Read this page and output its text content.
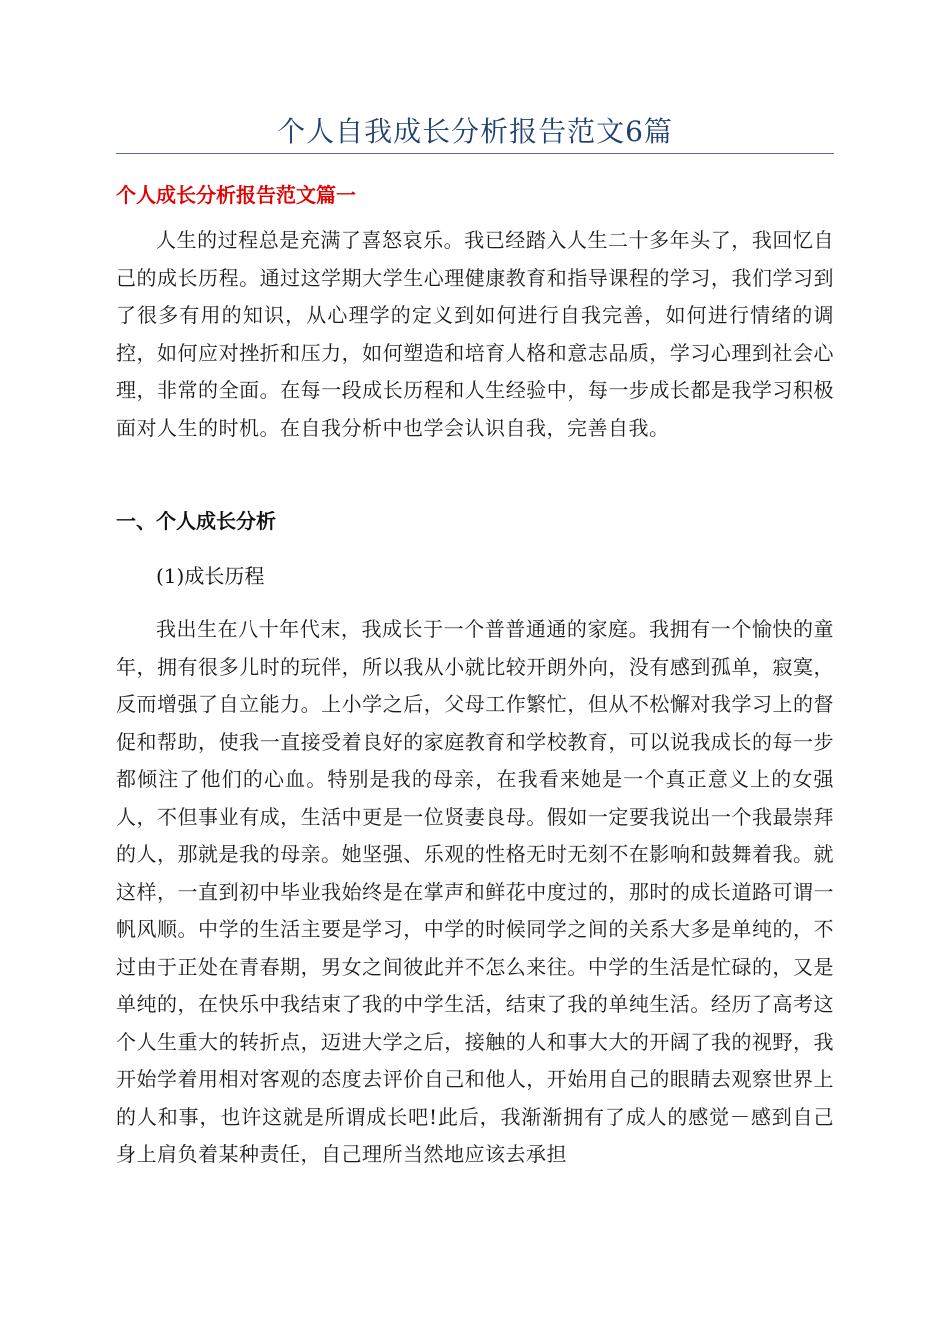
个人自我成长分析报告范文6篇
个人成长分析报告范文篇一

人生的过程总是充满了喜怒哀乐。我已经踏入人生二十多年头了，我回忆自己的成长历程。通过这学期大学生心理健康教育和指导课程的学习，我们学习到了很多有用的知识，从心理学的定义到如何进行自我完善，如何进行情绪的调控，如何应对挫折和压力，如何塑造和培育人格和意志品质，学习心理到社会心理，非常的全面。在每一段成长历程和人生经验中，每一步成长都是我学习积极面对人生的时机。在自我分析中也学会认识自我，完善自我。

一、个人成长分析
(1)成长历程

我出生在八十年代末，我成长于一个普普通通的家庭。我拥有一个愉快的童年，拥有很多儿时的玩伴，所以我从小就比较开朗外向，没有感到孤单，寂寞，反而增强了自立能力。上小学之后，父母工作繁忙，但从不松懈对我学习上的督促和帮助，使我一直接受着良好的家庭教育和学校教育，可以说我成长的每一步都倾注了他们的心血。特别是我的母亲，在我看来她是一个真正意义上的女强人，不但事业有成，生活中更是一位贤妻良母。假如一定要我说出一个我最崇拜的人，那就是我的母亲。她坚强、乐观的性格无时无刻不在影响和鼓舞着我。就这样，一直到初中毕业我始终是在掌声和鲜花中度过的，那时的成长道路可谓一帆风顺。中学的生活主要是学习，中学的时候同学之间的关系大多是单纯的，不过由于正处在青春期，男女之间彼此并不怎么来往。中学的生活是忙碌的，又是单纯的，在快乐中我结束了我的中学生活，结束了我的单纯生活。经历了高考这个人生重大的转折点，迈进大学之后，接触的人和事大大的开阔了我的视野，我开始学着用相对客观的态度去评价自己和他人，开始用自己的眼睛去观察世界上的人和事，也许这就是所谓成长吧!此后，我渐渐拥有了成人的感觉－感到自己身上肩负着某种责任，自己理所当然地应该去承担
